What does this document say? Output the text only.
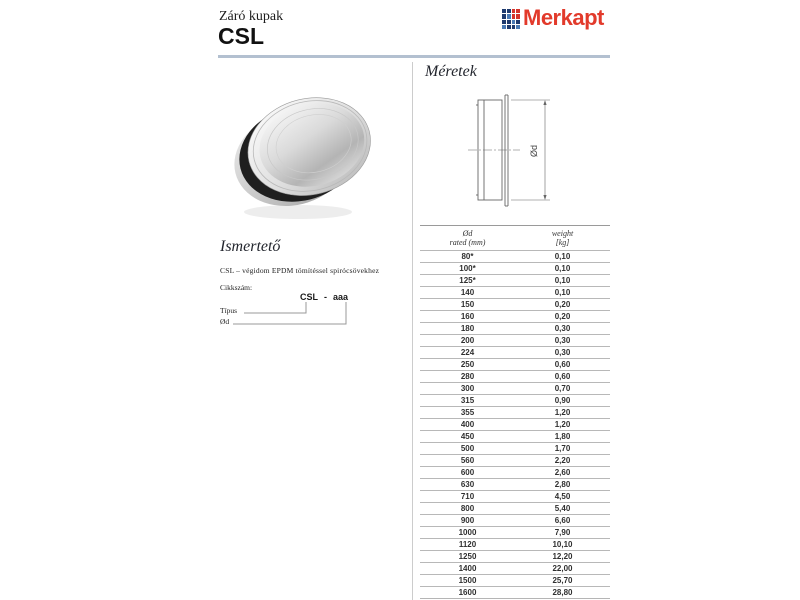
Záró kupak
CSL
Merkapt
Ismertető
CSL – végidom EPDM tömítéssel spirócsövekhez
Cikkszám:
CSL - aaa
Típus
Ød
Méretek
Ød
Ød
rated (mm)
weight
[kg]
80*	0,10
100*	0,10
125*	0,10
140	0,10
150	0,20
160	0,20
180	0,30
200	0,30
224	0,30
250	0,60
280	0,60
300	0,70
315	0,90
355	1,20
400	1,20
450	1,80
500	1,70
560	2,20
600	2,60
630	2,80
710	4,50
800	5,40
900	6,60
1000	7,90
1120	10,10
1250	12,20
1400	22,00
1500	25,70
1600	28,80
